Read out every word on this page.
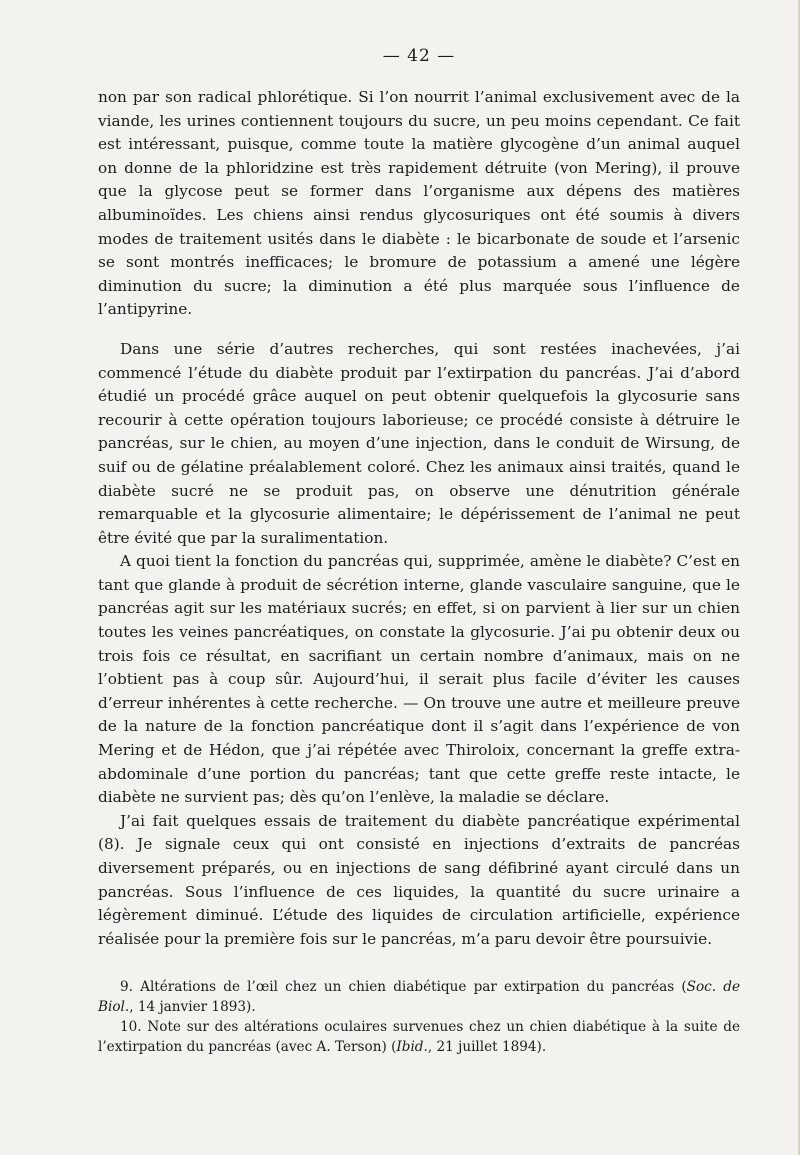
— 42 —

non par son radical phlorétique. Si l’on nourrit l’animal exclusivement avec de la viande, les urines contiennent toujours du sucre, un peu moins cependant. Ce fait est intéressant, puisque, comme toute la matière glycogène d’un animal auquel on donne de la phloridzine est très rapidement détruite (von Mering), il prouve que la glycose peut se former dans l’organisme aux dépens des matières albuminoïdes. Les chiens ainsi rendus glycosuriques ont été soumis à divers modes de traitement usités dans le diabète : le bicarbonate de soude et l’arsenic se sont montrés inefficaces; le bromure de potassium a amené une légère diminution du sucre; la diminution a été plus marquée sous l’influence de l’antipyrine.

Dans une série d’autres recherches, qui sont restées inachevées, j’ai commencé l’étude du diabète produit par l’extirpation du pancréas. J’ai d’abord étudié un procédé grâce auquel on peut obtenir quelquefois la glycosurie sans recourir à cette opération toujours laborieuse; ce procédé consiste à détruire le pancréas, sur le chien, au moyen d’une injection, dans le conduit de Wirsung, de suif ou de gélatine préalablement coloré. Chez les animaux ainsi traités, quand le diabète sucré ne se produit pas, on observe une dénutrition générale remarquable et la glycosurie alimentaire; le dépérissement de l’animal ne peut être évité que par la suralimentation.

A quoi tient la fonction du pancréas qui, supprimée, amène le diabète? C’est en tant que glande à produit de sécrétion interne, glande vasculaire sanguine, que le pancréas agit sur les matériaux sucrés; en effet, si on parvient à lier sur un chien toutes les veines pancréatiques, on constate la glycosurie. J’ai pu obtenir deux ou trois fois ce résultat, en sacrifiant un certain nombre d’animaux, mais on ne l’obtient pas à coup sûr. Aujourd’hui, il serait plus facile d’éviter les causes d’erreur inhérentes à cette recherche. — On trouve une autre et meilleure preuve de la nature de la fonction pancréatique dont il s’agit dans l’expérience de von Mering et de Hédon, que j’ai répétée avec Thiroloix, concernant la greffe extra-abdominale d’une portion du pancréas; tant que cette greffe reste intacte, le diabète ne survient pas; dès qu’on l’enlève, la maladie se déclare.

J’ai fait quelques essais de traitement du diabète pancréatique expérimental (8). Je signale ceux qui ont consisté en injections d’extraits de pancréas diversement préparés, ou en injections de sang défibriné ayant circulé dans un pancréas. Sous l’influence de ces liquides, la quantité du sucre urinaire a légèrement diminué. L’étude des liquides de circulation artificielle, expérience réalisée pour la première fois sur le pancréas, m’a paru devoir être poursuivie.

9. Altérations de l’œil chez un chien diabétique par extirpation du pancréas (Soc. de Biol., 14 janvier 1893).

10. Note sur des altérations oculaires survenues chez un chien diabétique à la suite de l’extirpation du pancréas (avec A. Terson) (Ibid., 21 juillet 1894).
